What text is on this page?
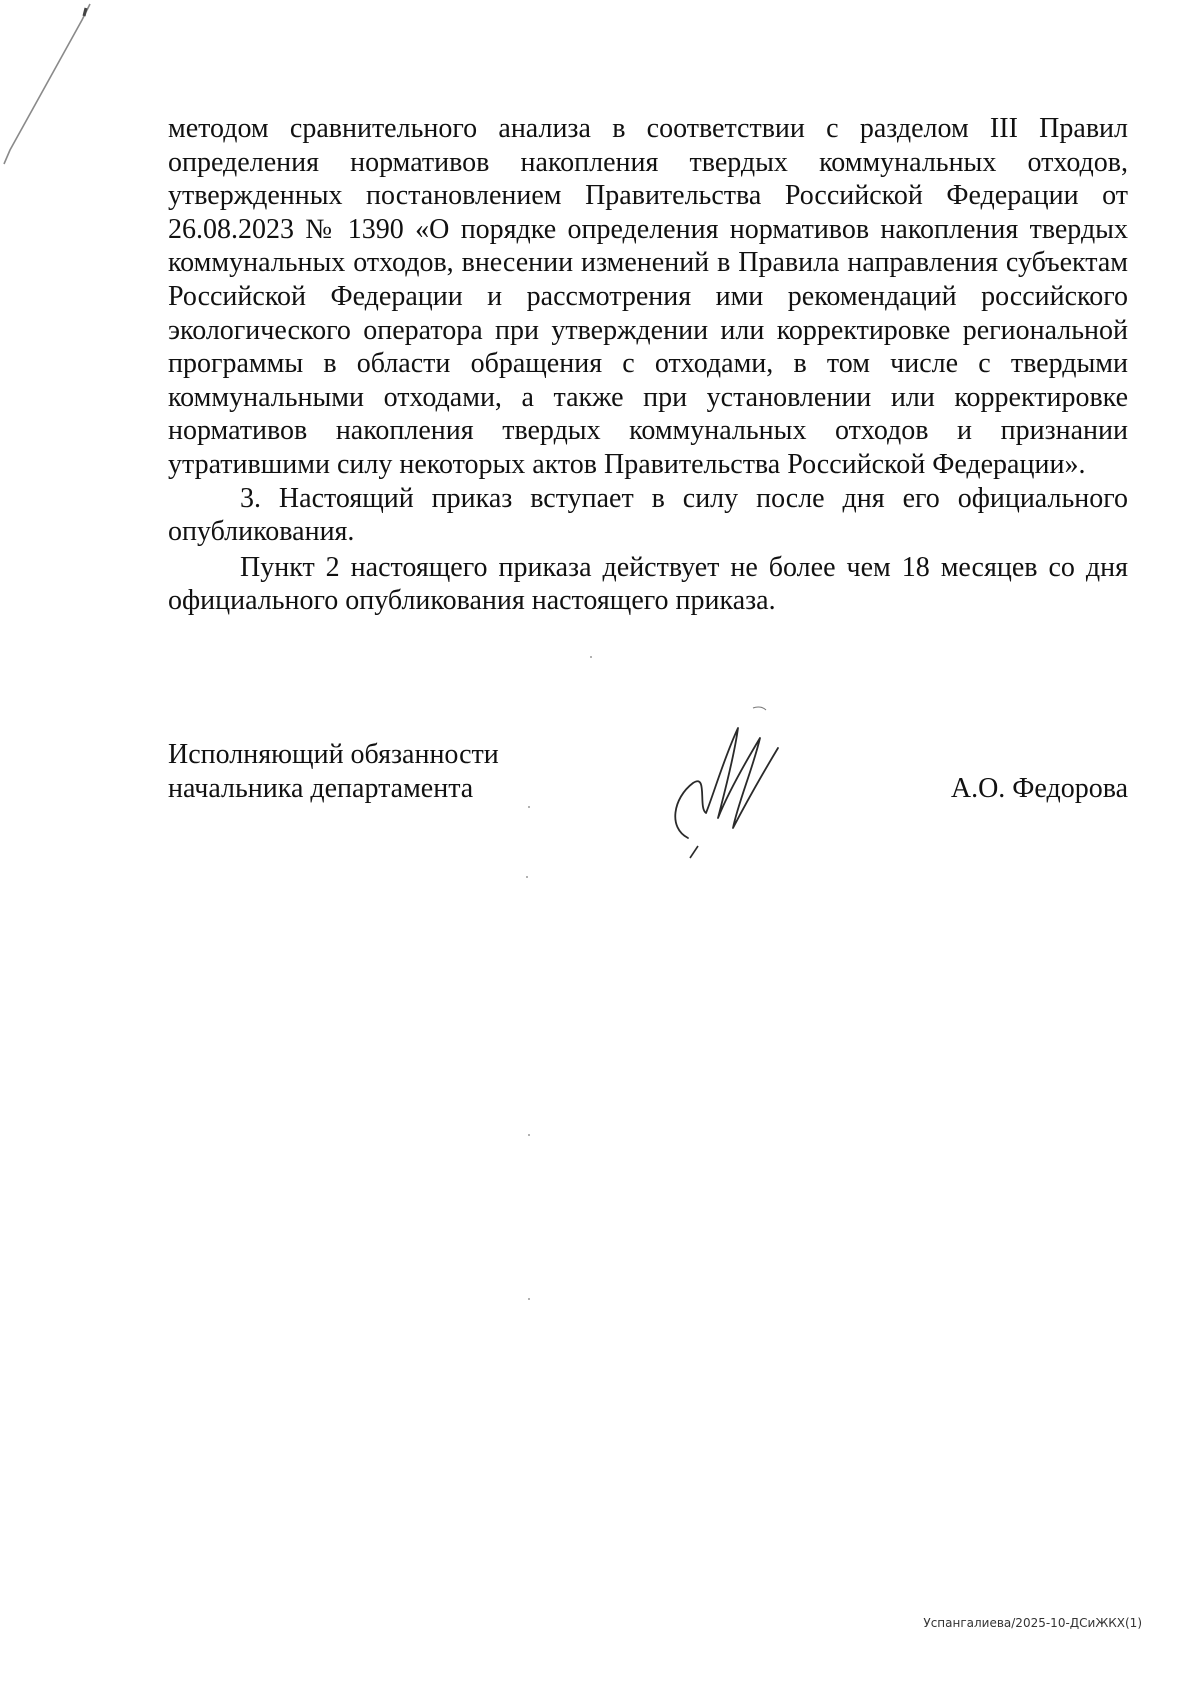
методом сравнительного анализа в соответствии с разделом III Правил определения нормативов накопления твердых коммунальных отходов, утвержденных постановлением Правительства Российской Федерации от 26.08.2023 № 1390 «О порядке определения нормативов накопления твердых коммунальных отходов, внесении изменений в Правила направления субъектам Российской Федерации и рассмотрения ими рекомендаций российского экологического оператора при утверждении или корректировке региональной программы в области обращения с отходами, в том числе с твердыми коммунальными отходами, а также при установлении или корректировке нормативов накопления твердых коммунальных отходов и признании утратившими силу некоторых актов Правительства Российской Федерации».

3. Настоящий приказ вступает в силу после дня его официального опубликования.

Пункт 2 настоящего приказа действует не более чем 18 месяцев со дня официального опубликования настоящего приказа.

Исполняющий обязанности
начальника департамента	А.О. Федорова
Успангалиева/2025-10-ДСиЖКХ(1)
